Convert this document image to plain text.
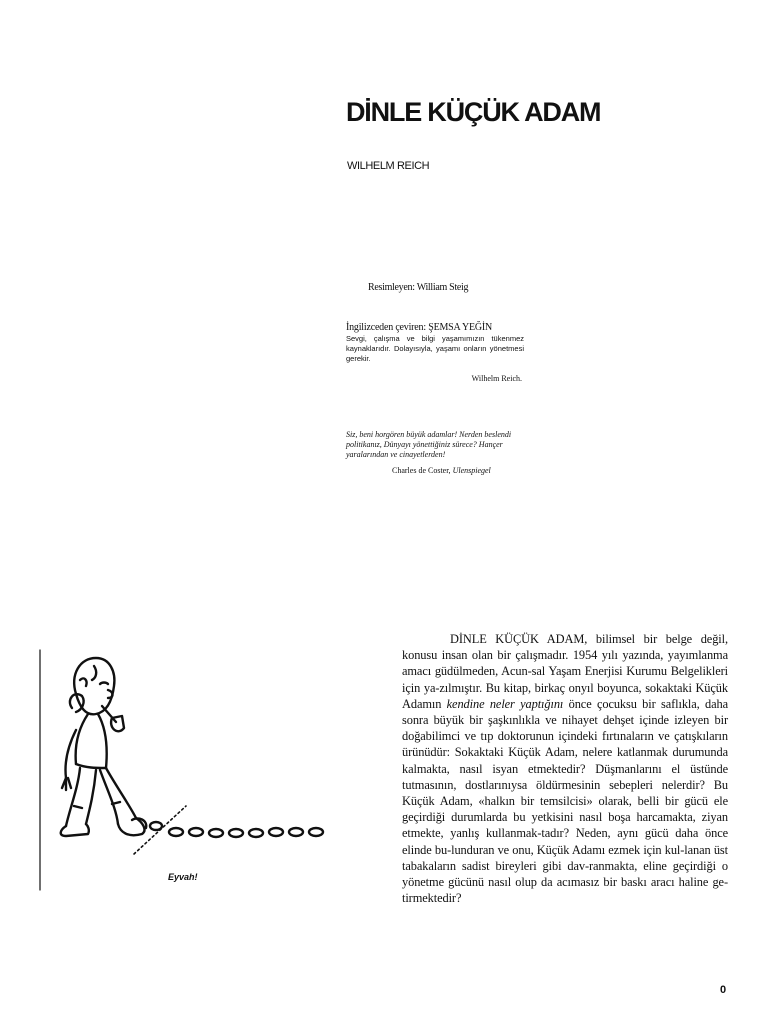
DİNLE KÜÇÜK ADAM
WILHELM REICH
Resimleyen: William Steig
İngilizceden çeviren: ŞEMSA YEĞİN

Sevgi, çalışma ve bilgi yaşamımızın tükenmez kaynaklarıdır. Dolayısıyla, yaşamı onların yönetmesi gerekir.

Wilhelm Reich.

Siz, beni horgören büyük adamlar! Nerden beslendi politikanız, Dünyayı yönettiğiniz sürece? Hançer yaralarından ve cinayetlerden!

Charles de Coster, Ulenspiegel
Eyvah!

DİNLE KÜÇÜK ADAM, bilimsel bir belge değil, konusu insan olan bir çalışmadır. 1954 yılı yazında, yayımlanma amacı güdülmeden, Acun-sal Yaşam Enerjisi Kurumu Belgelikleri için ya-zılmıştır. Bu kitap, birkaç onyıl boyunca, sokaktaki Küçük Adamın kendine neler yaptığını önce çocuksu bir saflıkla, daha sonra büyük bir şaşkınlıkla ve nihayet dehşet içinde izleyen bir doğabilimci ve tıp doktorunun içindeki fırtınaların ve çatışkıların ürünüdür: Sokaktaki Küçük Adam, nelere katlanmak durumunda kalmakta, nasıl isyan etmektedir? Düşmanlarını el üstünde tutmasının, dostlarınıysa öldürmesinin sebepleri nelerdir? Bu Küçük Adam, «halkın bir temsilcisi» olarak, belli bir gücü ele geçirdiği durumlarda bu yetkisini nasıl boşa harcamakta, ziyan etmekte, yanlış kullanmak-tadır? Neden, aynı gücü daha önce elinde bu-lunduran ve onu, Küçük Adamı ezmek için kul-lanan üst tabakaların sadist bireyleri gibi dav-ranmakta, eline geçirdiği o yönetme gücünü nasıl olup da acımasız bir baskı aracı haline ge-tirmektedir?

0
